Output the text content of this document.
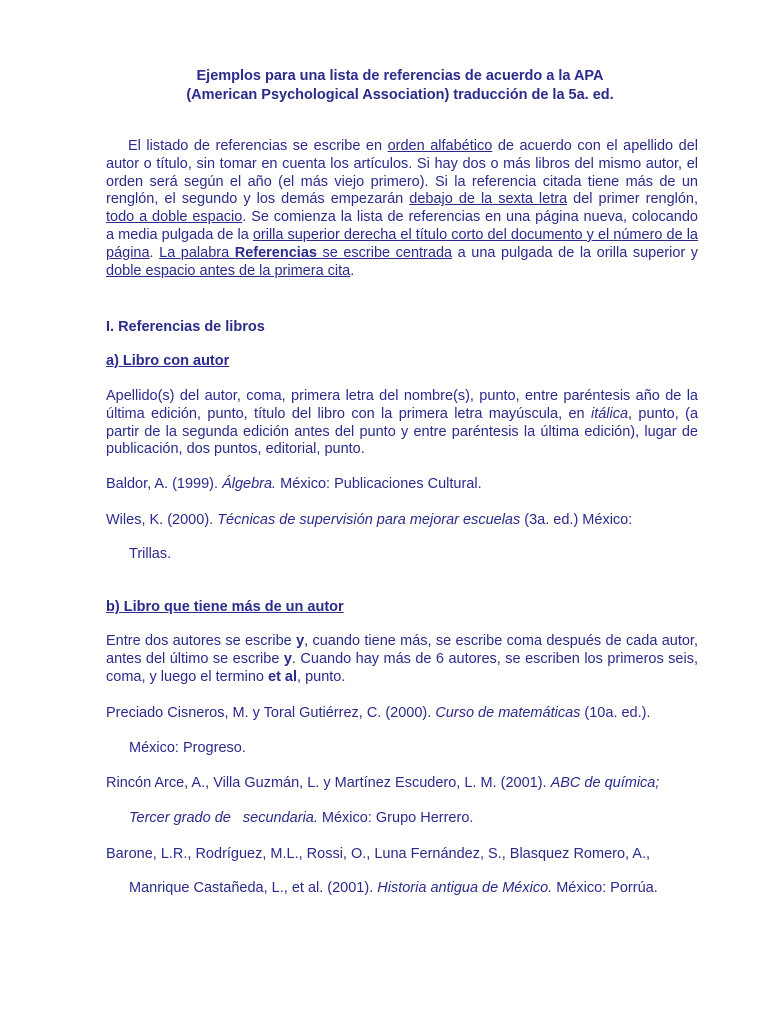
Ejemplos para una lista de referencias de acuerdo a la APA
(American Psychological Association) traducción de la 5a. ed.

El listado de referencias se escribe en orden alfabético de acuerdo con el apellido del autor o título, sin tomar en cuenta los artículos. Si hay dos o más libros del mismo autor, el orden será según el año (el más viejo primero). Si la referencia citada tiene más de un renglón, el segundo y los demás empezarán debajo de la sexta letra del primer renglón, todo a doble espacio. Se comienza la lista de referencias en una página nueva, colocando a media pulgada de la orilla superior derecha el título corto del documento y el número de la página. La palabra Referencias se escribe centrada a una pulgada de la orilla superior y doble espacio antes de la primera cita.

I. Referencias de libros
a) Libro con autor

Apellido(s) del autor, coma, primera letra del nombre(s), punto, entre paréntesis año de la última edición, punto, título del libro con la primera letra mayúscula, en itálica, punto, (a partir de la segunda edición antes del punto y entre paréntesis la última edición), lugar de publicación, dos puntos, editorial, punto.

Baldor, A. (1999). Álgebra. México: Publicaciones Cultural.
Wiles, K. (2000). Técnicas de supervisión para mejorar escuelas (3a. ed.) México:
Trillas.
b) Libro que tiene más de un autor

Entre dos autores se escribe y, cuando tiene más, se escribe coma después de cada autor, antes del último se escribe y. Cuando hay más de 6 autores, se escriben los primeros seis, coma, y luego el termino et al, punto.

Preciado Cisneros, M. y Toral Gutiérrez, C. (2000). Curso de matemáticas (10a. ed.).
México: Progreso.
Rincón Arce, A., Villa Guzmán, L. y Martínez Escudero, L. M. (2001). ABC de química;
Tercer grado de   secundaria. México: Grupo Herrero.
Barone, L.R., Rodríguez, M.L., Rossi, O., Luna Fernández, S., Blasquez Romero, A.,
Manrique Castañeda, L., et al. (2001). Historia antigua de México. México: Porrúa.
